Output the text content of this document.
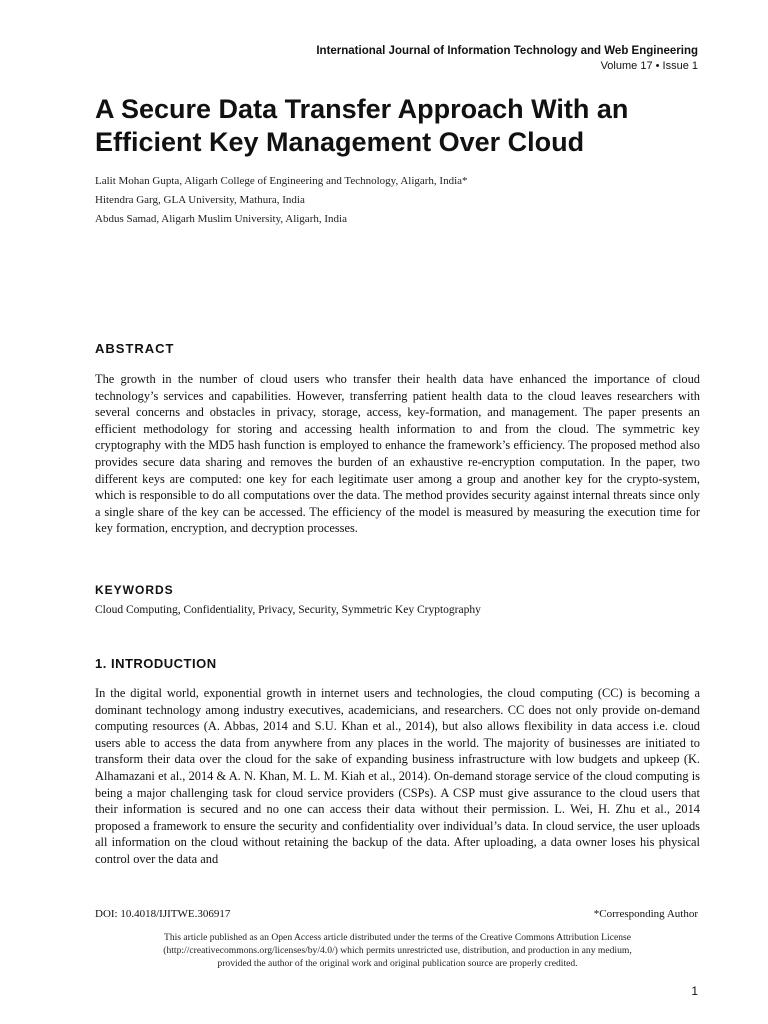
International Journal of Information Technology and Web Engineering
Volume 17 • Issue 1
A Secure Data Transfer Approach With an
Efficient Key Management Over Cloud
Lalit Mohan Gupta, Aligarh College of Engineering and Technology, Aligarh, India*
Hitendra Garg, GLA University, Mathura, India
Abdus Samad, Aligarh Muslim University, Aligarh, India
ABSTRACT
The growth in the number of cloud users who transfer their health data have enhanced the importance of cloud technology’s services and capabilities. However, transferring patient health data to the cloud leaves researchers with several concerns and obstacles in privacy, storage, access, key-formation, and management. The paper presents an efficient methodology for storing and accessing health information to and from the cloud. The symmetric key cryptography with the MD5 hash function is employed to enhance the framework’s efficiency. The proposed method also provides secure data sharing and removes the burden of an exhaustive re-encryption computation. In the paper, two different keys are computed: one key for each legitimate user among a group and another key for the crypto-system, which is responsible to do all computations over the data. The method provides security against internal threats since only a single share of the key can be accessed. The efficiency of the model is measured by measuring the execution time for key formation, encryption, and decryption processes.
KEYWORDS
Cloud Computing, Confidentiality, Privacy, Security, Symmetric Key Cryptography
1. INTRODUCTION
In the digital world, exponential growth in internet users and technologies, the cloud computing (CC) is becoming a dominant technology among industry executives, academicians, and researchers. CC does not only provide on-demand computing resources (A. Abbas, 2014 and S.U. Khan et al., 2014), but also allows flexibility in data access i.e. cloud users able to access the data from anywhere from any places in the world. The majority of businesses are initiated to transform their data over the cloud for the sake of expanding business infrastructure with low budgets and upkeep (K. Alhamazani et al., 2014 & A. N. Khan, M. L. M. Kiah et al., 2014). On-demand storage service of the cloud computing is being a major challenging task for cloud service providers (CSPs). A CSP must give assurance to the cloud users that their information is secured and no one can access their data without their permission. L. Wei, H. Zhu et al., 2014 proposed a framework to ensure the security and confidentiality over individual’s data. In cloud service, the user uploads all information on the cloud without retaining the backup of the data. After uploading, a data owner loses his physical control over the data and
DOI: 10.4018/IJITWE.306917	*Corresponding Author
This article published as an Open Access article distributed under the terms of the Creative Commons Attribution License
(http://creativecommons.org/licenses/by/4.0/) which permits unrestricted use, distribution, and production in any medium,
provided the author of the original work and original publication source are properly credited.
1
